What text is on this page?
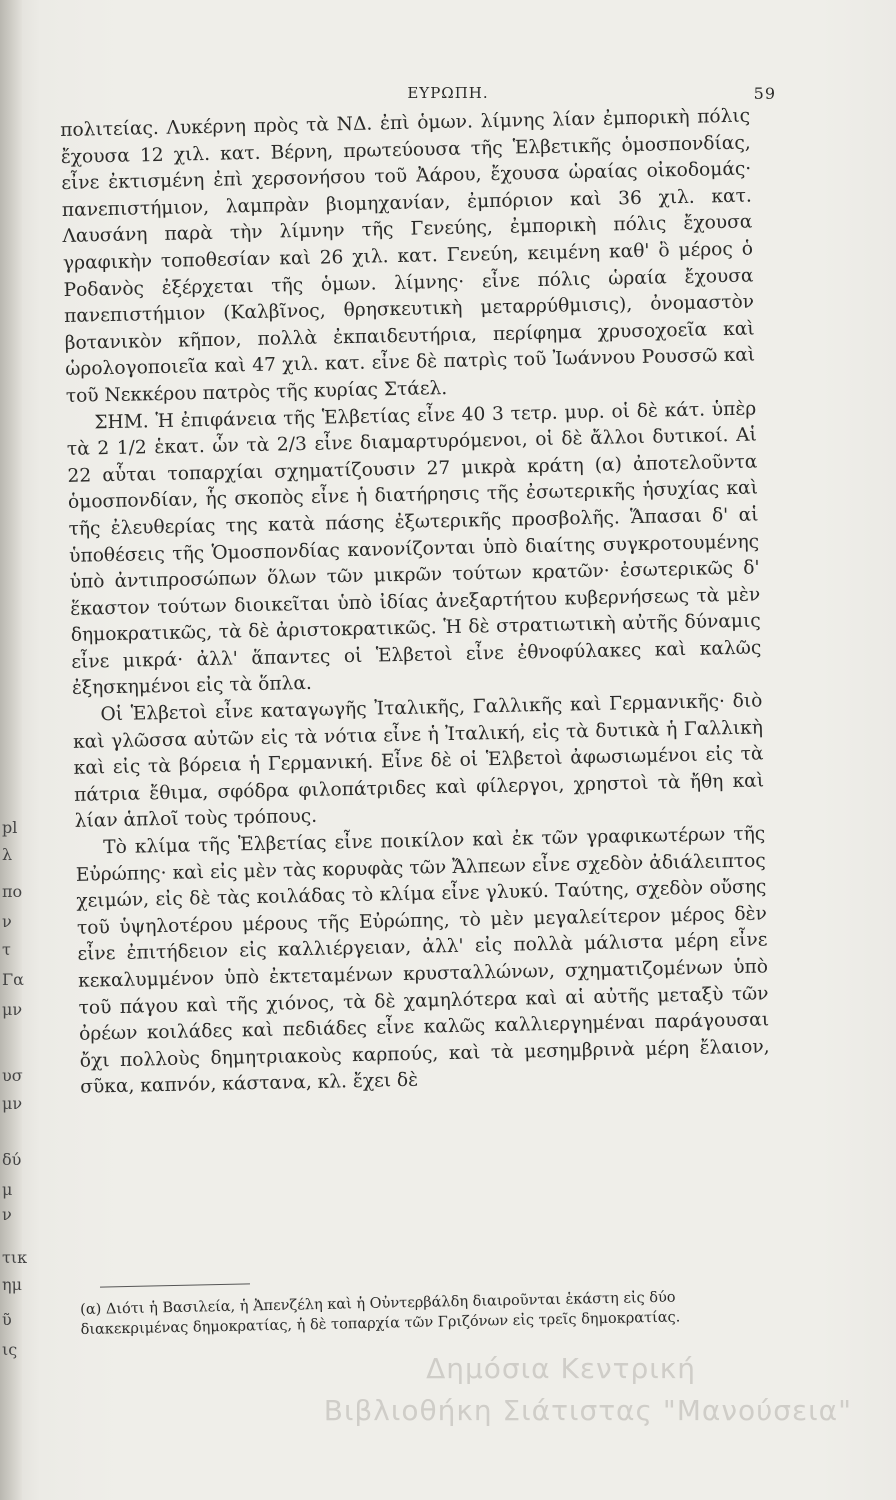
ΕΥΡΩΠΗ.	59

πολιτείας. Λυκέρνη πρὸς τὰ ΝΔ. ἐπὶ ὁμων. λίμνης λίαν ἐμπορικὴ πόλις ἔχουσα 12 χιλ. κατ. Βέρνη, πρωτεύουσα τῆς Ἑλβετικῆς ὁμοσπονδίας, εἶνε ἐκτισμένη ἐπὶ χερσονήσου τοῦ Ἀάρου, ἔχουσα ὡραίας οἰκοδομάς· πανεπιστήμιον, λαμπρὰν βιομηχανίαν, ἐμπόριον καὶ 36 χιλ. κατ. Λαυσάνη παρὰ τὴν λίμνην τῆς Γενεύης, ἐμπορικὴ πόλις ἔχουσα γραφικὴν τοποθεσίαν καὶ 26 χιλ. κατ. Γενεύη, κειμένη καθ' ὃ μέρος ὁ Ροδανὸς ἐξέρχεται τῆς ὁμων. λίμνης· εἶνε πόλις ὡραία ἔχουσα πανεπιστήμιον (Καλβῖνος, θρησκευτικὴ μεταρρύθμισις), ὀνομαστὸν βοτανικὸν κῆπον, πολλὰ ἐκπαιδευτήρια, περίφημα χρυσοχοεῖα καὶ ὡρολογοποιεῖα καὶ 47 χιλ. κατ. εἶνε δὲ πατρὶς τοῦ Ἰωάννου Ρουσσῶ καὶ τοῦ Νεκκέρου πατρὸς τῆς κυρίας Στάελ.

ΣΗΜ. Ἡ ἐπιφάνεια τῆς Ἑλβετίας εἶνε 40 3 τετρ. μυρ. οἱ δὲ κάτ. ὑπὲρ τὰ 2 1/2 ἑκατ. ὧν τὰ 2/3 εἶνε διαμαρτυρόμενοι, οἱ δὲ ἄλλοι δυτικοί. Αἱ 22 αὗται τοπαρχίαι σχηματίζουσιν 27 μικρὰ κράτη (α) ἀποτελοῦντα ὁμοσπονδίαν, ἧς σκοπὸς εἶνε ἡ διατήρησις τῆς ἐσωτερικῆς ἡσυχίας καὶ τῆς ἐλευθερίας της κατὰ πάσης ἐξωτερικῆς προσβολῆς. Ἅπασαι δ' αἱ ὑποθέσεις τῆς Ὁμοσπονδίας κανονίζονται ὑπὸ διαίτης συγκροτουμένης ὑπὸ ἀντιπροσώπων ὅλων τῶν μικρῶν τούτων κρατῶν· ἐσωτερικῶς δ' ἕκαστον τούτων διοικεῖται ὑπὸ ἰδίας ἀνεξαρτήτου κυβερνήσεως τὰ μὲν δημοκρατικῶς, τὰ δὲ ἀριστοκρατικῶς. Ἡ δὲ στρατιωτικὴ αὐτῆς δύναμις εἶνε μικρά· ἀλλ' ἅπαντες οἱ Ἑλβετοὶ εἶνε ἐθνοφύλακες καὶ καλῶς ἐξησκημένοι εἰς τὰ ὅπλα.

Οἱ Ἑλβετοὶ εἶνε καταγωγῆς Ἰταλικῆς, Γαλλικῆς καὶ Γερμανικῆς· διὸ καὶ γλῶσσα αὐτῶν εἰς τὰ νότια εἶνε ἡ Ἰταλική, εἰς τὰ δυτικὰ ἡ Γαλλικὴ καὶ εἰς τὰ βόρεια ἡ Γερμανική. Εἶνε δὲ οἱ Ἑλβετοὶ ἀφωσιωμένοι εἰς τὰ πάτρια ἔθιμα, σφόδρα φιλοπάτριδες καὶ φίλεργοι, χρηστοὶ τὰ ἤθη καὶ λίαν ἁπλοῖ τοὺς τρόπους.

Τὸ κλίμα τῆς Ἑλβετίας εἶνε ποικίλον καὶ ἐκ τῶν γραφικωτέρων τῆς Εὐρώπης· καὶ εἰς μὲν τὰς κορυφὰς τῶν Ἄλπεων εἶνε σχεδὸν ἀδιάλειπτος χειμών, εἰς δὲ τὰς κοιλάδας τὸ κλίμα εἶνε γλυκύ. Ταύτης, σχεδὸν οὔσης τοῦ ὑψηλοτέρου μέρους τῆς Εὐρώπης, τὸ μὲν μεγαλείτερον μέρος δὲν εἶνε ἐπιτήδειον εἰς καλλιέργειαν, ἀλλ' εἰς πολλὰ μάλιστα μέρη εἶνε κεκαλυμμένον ὑπὸ ἐκτεταμένων κρυσταλλώνων, σχηματιζομένων ὑπὸ τοῦ πάγου καὶ τῆς χιόνος, τὰ δὲ χαμηλότερα καὶ αἱ αὐτῆς μεταξὺ τῶν ὀρέων κοιλάδες καὶ πεδιάδες εἶνε καλῶς καλλιεργημέναι παράγουσαι ὄχι πολλοὺς δημητριακοὺς καρπούς, καὶ τὰ μεσημβρινὰ μέρη ἔλαιον, σῦκα, καπνόν, κάστανα, κλ. ἔχει δὲ

(α) Διότι ἡ Βασιλεία, ἡ Ἀπενζέλη καὶ ἡ Οὐντερβάλδη διαιροῦνται ἑκάστη εἰς δύο διακεκριμένας δημοκρατίας, ἡ δὲ τοπαρχία τῶν Γριζόνων εἰς τρεῖς δημοκρατίας.
Δημόσια Κεντρική
Βιβλιοθήκη Σιάτιστας "Μανούσεια"
pl
λ
πο
ν
τ
Γα
μν
υσ
μν
δύ
μ
ν
τικ
ημ
ῦ
ις
